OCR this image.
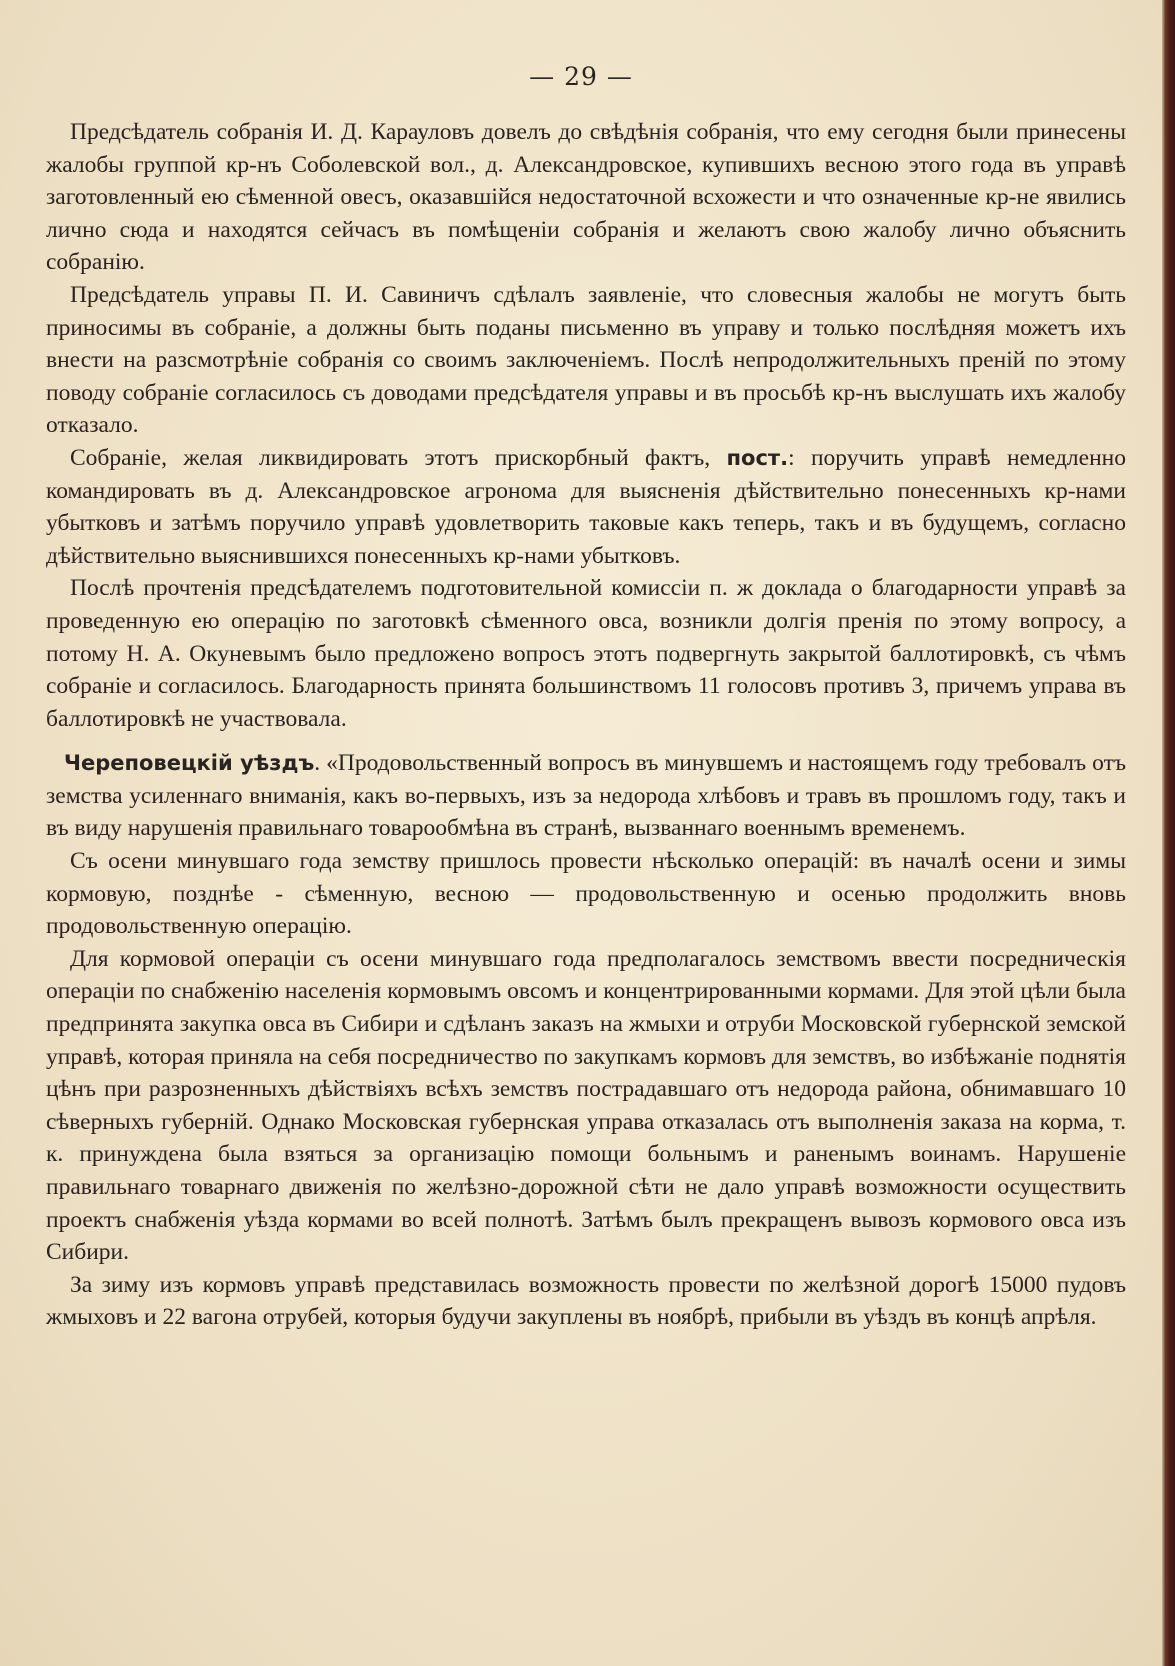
— 29 —

Предсѣдатель собранія И. Д. Карауловъ довелъ до свѣдѣнія собранія, что ему сегодня были принесены жалобы группой кр-нъ Соболевской вол., д. Александровское, купившихъ весною этого года въ управѣ заготовленный ею сѣменной овесъ, оказавшійся недостаточной всхожести и что означенные кр-не явились лично сюда и находятся сейчасъ въ помѣщеніи собранія и желаютъ свою жалобу лично объяснить собранію.

Предсѣдатель управы П. И. Савиничъ сдѣлалъ заявленіе, что словесныя жалобы не могутъ быть приносимы въ собраніе, а должны быть поданы письменно въ управу и только послѣдняя можетъ ихъ внести на разсмотрѣніе собранія со своимъ заключеніемъ. Послѣ непродолжительныхъ преній по этому поводу собраніе согласилось съ доводами предсѣдателя управы и въ просьбѣ кр-нъ выслушать ихъ жалобу отказало.

Собраніе, желая ликвидировать этотъ прискорбный фактъ, пост.: поручить управѣ немедленно командировать въ д. Александровское агронома для выясненія дѣйствительно понесенныхъ кр-нами убытковъ и затѣмъ поручило управѣ удовлетворить таковые какъ теперь, такъ и въ будущемъ, согласно дѣйствительно выяснившихся понесенныхъ кр-нами убытковъ.

Послѣ прочтенія предсѣдателемъ подготовительной комиссіи п. ж доклада о благодарности управѣ за проведенную ею операцію по заготовкѣ сѣменного овса, возникли долгія пренія по этому вопросу, а потому Н. А. Окуневымъ было предложено вопросъ этотъ подвергнуть закрытой баллотировкѣ, съ чѣмъ собраніе и согласилось. Благодарность принята большинствомъ 11 голосовъ противъ 3, причемъ управа въ баллотировкѣ не участвовала.

Череповецкій уѣздъ. «Продовольственный вопросъ въ минувшемъ и настоящемъ году требовалъ отъ земства усиленнаго вниманія, какъ во-первыхъ, изъ за недорода хлѣбовъ и травъ въ прошломъ году, такъ и въ виду нарушенія правильнаго товарообмѣна въ странѣ, вызваннаго военнымъ временемъ.

Съ осени минувшаго года земству пришлось провести нѣсколько операцій: въ началѣ осени и зимы кормовую, позднѣе - сѣменную, весною — продовольственную и осенью продолжить вновь продовольственную операцію.

Для кормовой операціи съ осени минувшаго года предполагалось земствомъ ввести посредническія операціи по снабженію населенія кормовымъ овсомъ и концентрированными кормами. Для этой цѣли была предпринята закупка овса въ Сибири и сдѣланъ заказъ на жмыхи и отруби Московской губернской земской управѣ, которая приняла на себя посредничество по закупкамъ кормовъ для земствъ, во избѣжаніе поднятія цѣнъ при разрозненныхъ дѣйствіяхъ всѣхъ земствъ пострадавшаго отъ недорода района, обнимавшаго 10 сѣверныхъ губерній. Однако Московская губернская управа отказалась отъ выполненія заказа на корма, т. к. принуждена была взяться за организацію помощи больнымъ и раненымъ воинамъ. Нарушеніе правильнаго товарнаго движенія по желѣзно-дорожной сѣти не дало управѣ возможности осуществить проектъ снабженія уѣзда кормами во всей полнотѣ. Затѣмъ былъ прекращенъ вывозъ кормового овса изъ Сибири.

За зиму изъ кормовъ управѣ представилась возможность провести по желѣзной дорогѣ 15000 пудовъ жмыховъ и 22 вагона отрубей, которыя будучи закуплены въ ноябрѣ, прибыли въ уѣздъ въ концѣ апрѣля.
